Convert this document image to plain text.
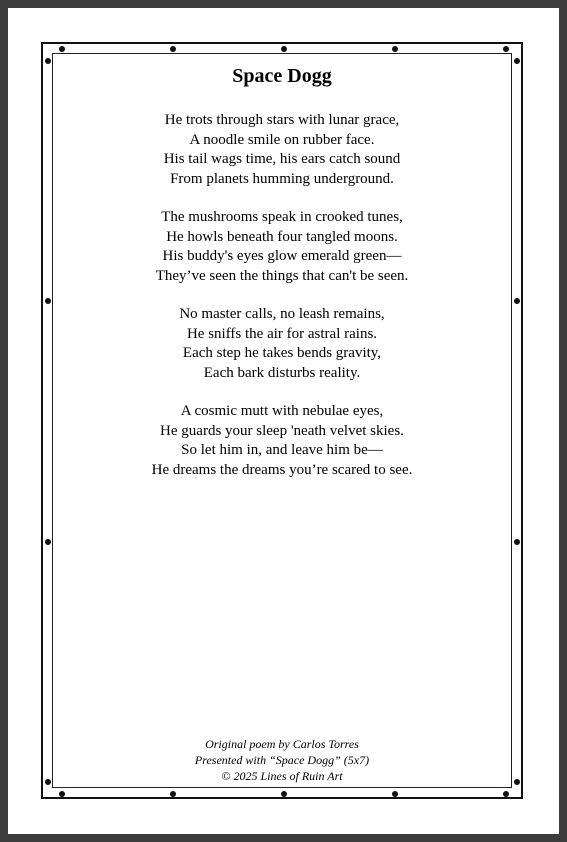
Space Dogg
He trots through stars with lunar grace,
A noodle smile on rubber face.
His tail wags time, his ears catch sound
From planets humming underground.
The mushrooms speak in crooked tunes,
He howls beneath four tangled moons.
His buddy's eyes glow emerald green—
They’ve seen the things that can't be seen.
No master calls, no leash remains,
He sniffs the air for astral rains.
Each step he takes bends gravity,
Each bark disturbs reality.
A cosmic mutt with nebulae eyes,
He guards your sleep 'neath velvet skies.
So let him in, and leave him be—
He dreams the dreams you’re scared to see.
Original poem by Carlos Torres
Presented with “Space Dogg” (5x7)
© 2025 Lines of Ruin Art
